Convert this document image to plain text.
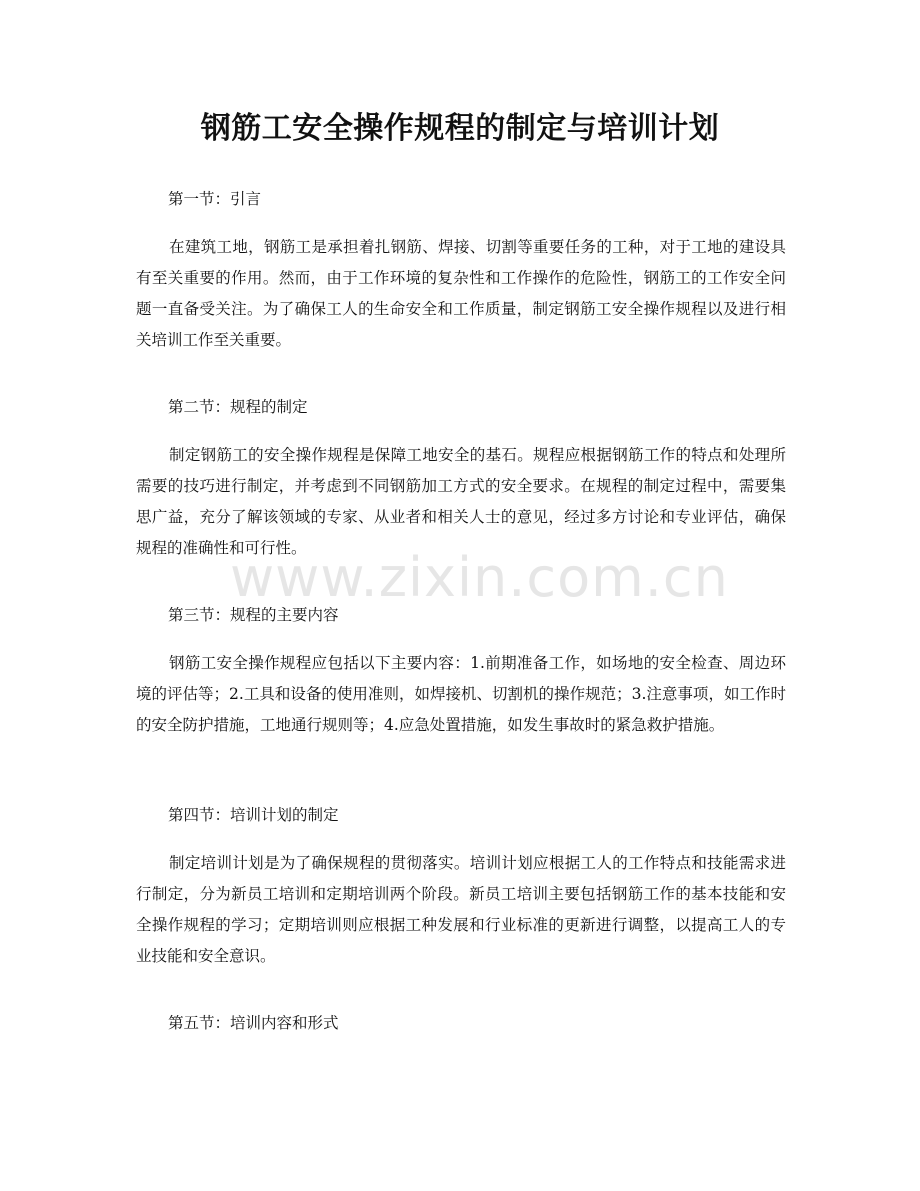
钢筋工安全操作规程的制定与培训计划

第一节：引言

在建筑工地，钢筋工是承担着扎钢筋、焊接、切割等重要任务的工种，对于工地的建设具有至关重要的作用。然而，由于工作环境的复杂性和工作操作的危险性，钢筋工的工作安全问题一直备受关注。为了确保工人的生命安全和工作质量，制定钢筋工安全操作规程以及进行相关培训工作至关重要。

第二节：规程的制定

制定钢筋工的安全操作规程是保障工地安全的基石。规程应根据钢筋工作的特点和处理所需要的技巧进行制定，并考虑到不同钢筋加工方式的安全要求。在规程的制定过程中，需要集思广益，充分了解该领域的专家、从业者和相关人士的意见，经过多方讨论和专业评估，确保规程的准确性和可行性。

第三节：规程的主要内容

钢筋工安全操作规程应包括以下主要内容：1.前期准备工作，如场地的安全检查、周边环境的评估等；2.工具和设备的使用准则，如焊接机、切割机的操作规范；3.注意事项，如工作时的安全防护措施，工地通行规则等；4.应急处置措施，如发生事故时的紧急救护措施。

第四节：培训计划的制定

制定培训计划是为了确保规程的贯彻落实。培训计划应根据工人的工作特点和技能需求进行制定，分为新员工培训和定期培训两个阶段。新员工培训主要包括钢筋工作的基本技能和安全操作规程的学习；定期培训则应根据工种发展和行业标准的更新进行调整，以提高工人的专业技能和安全意识。

第五节：培训内容和形式

www.zixin.com.cn
